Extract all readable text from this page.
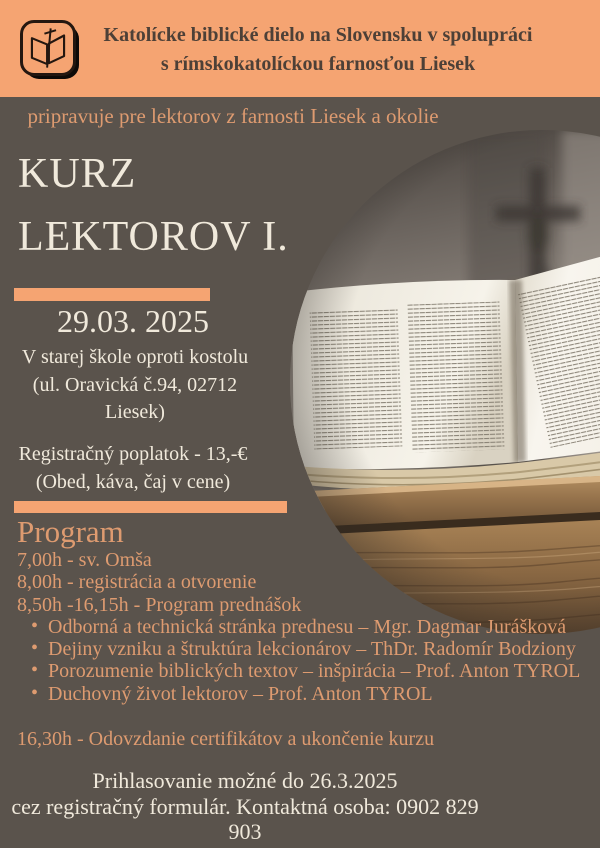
Katolícke biblické dielo na Slovensku v spolupráci
s rímskokatolíckou farnosťou Liesek
pripravuje pre lektorov z farnosti Liesek a okolie
KURZ
LEKTOROV I.
29.03. 2025
V starej škole oproti kostolu
(ul. Oravická č.94, 02712
Liesek)
Registračný poplatok - 13,-€
(Obed, káva, čaj v cene)
Program
7,00h - sv. Omša
8,00h - registrácia a otvorenie
8,50h -16,15h - Program prednášok
• Odborná a technická stránka prednesu – Mgr. Dagmar Jurášková
• Dejiny vzniku a štruktúra lekcionárov – ThDr. Radomír Bodziony
• Porozumenie biblických textov – inšpirácia – Prof. Anton TYROL
• Duchovný život lektorov – Prof. Anton TYROL
16,30h - Odovzdanie certifikátov a ukončenie kurzu
Prihlasovanie možné do 26.3.2025
cez registračný formulár. Kontaktná osoba: 0902 829 903
